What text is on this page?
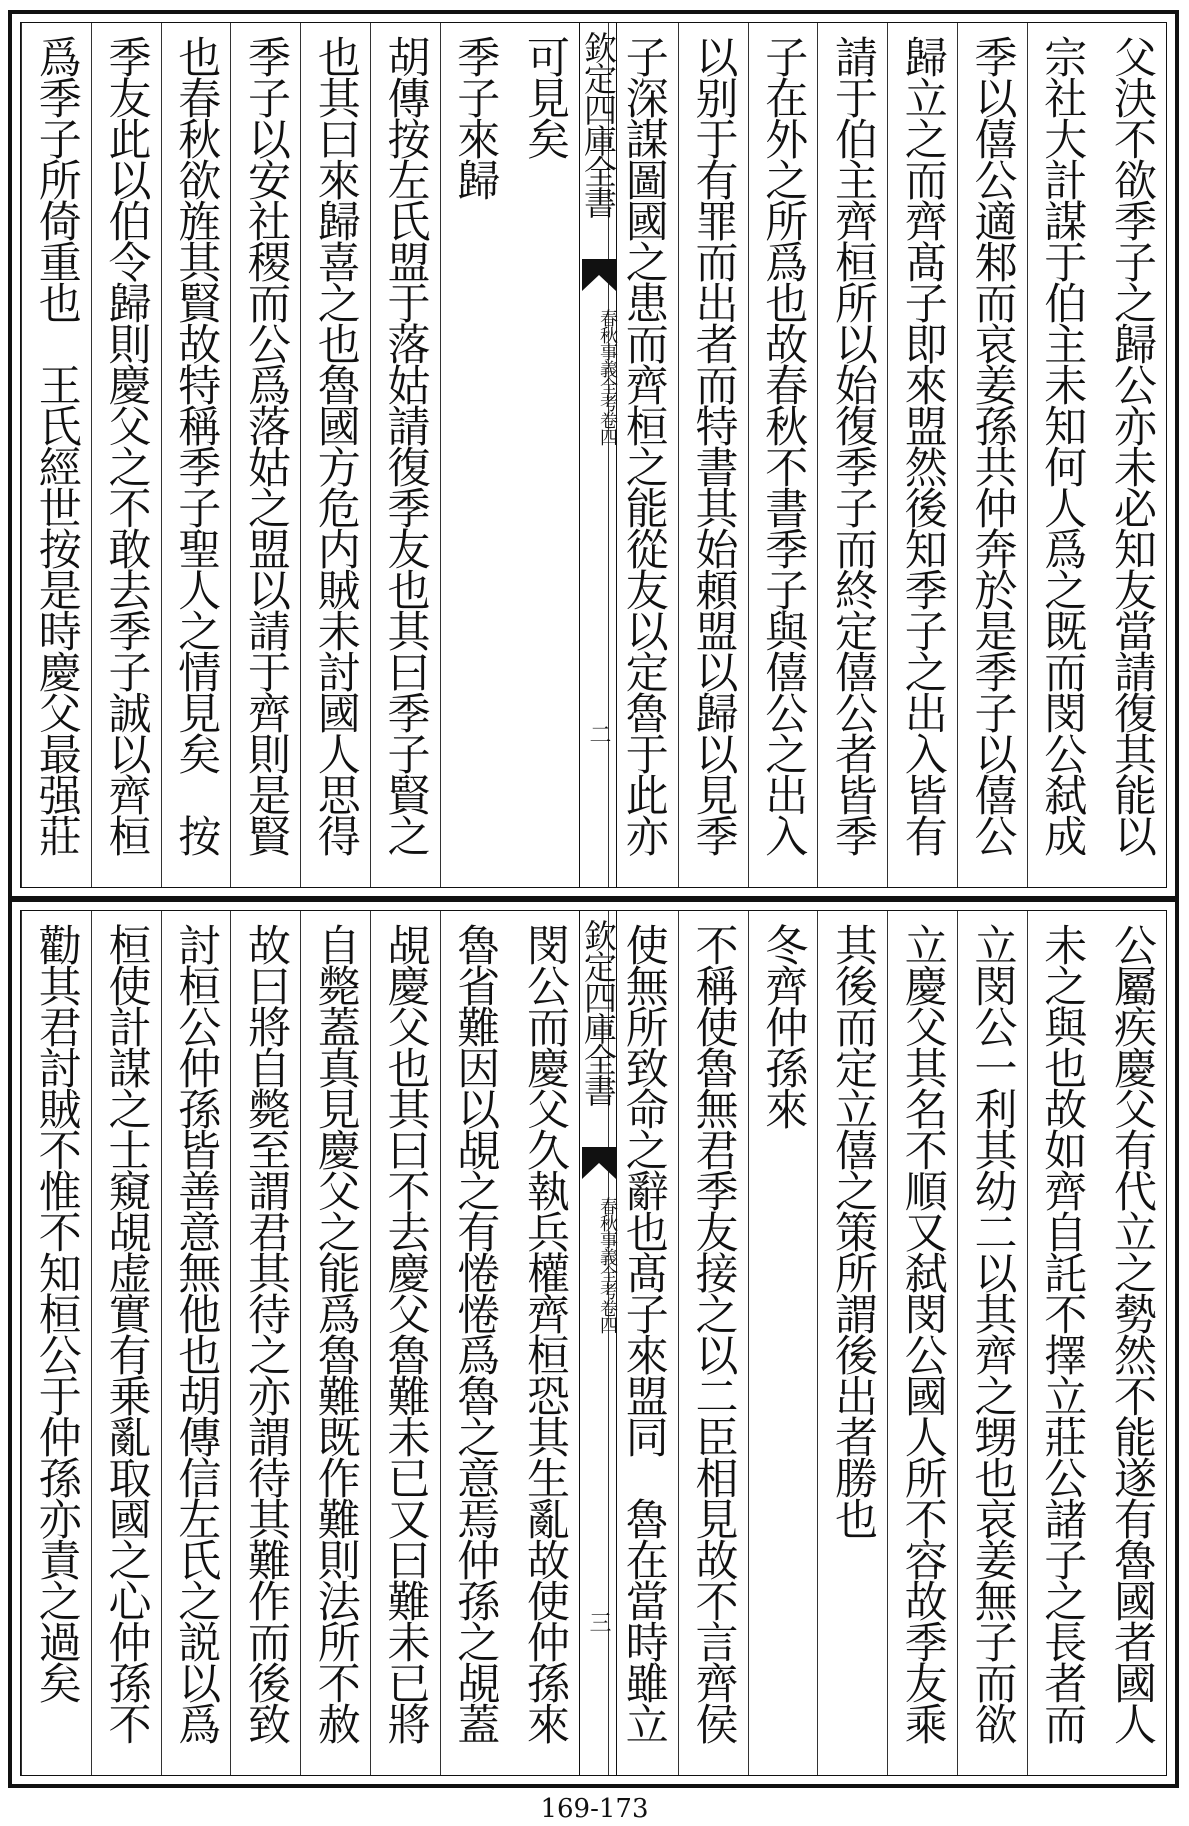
父決不欲季子之歸公亦未必知友當請復其能以
宗社大計謀于伯主未知何人爲之既而閔公弑成
季以僖公適邾而哀姜孫共仲奔於是季子以僖公
歸立之而齊髙子即來盟然後知季子之出入皆有
請于伯主齊桓所以始復季子而終定僖公者皆季
子在外之所爲也故春秋不書季子與僖公之出入
以别于有罪而出者而特書其始頼盟以歸以見季
子深謀圖國之患而齊桓之能從友以定魯于此亦
欽定四庫全書
春秋事義全考卷四
二
可見矣
季子來歸
胡傳按左氏盟于落姑請復季友也其曰季子賢之
也其曰來歸喜之也魯國方危内賊未討國人思得
季子以安社稷而公爲落姑之盟以請于齊則是賢
也春秋欲旌其賢故特稱季子聖人之情見矣　按
季友此以伯令歸則慶父之不敢去季子誠以齊桓
爲季子所倚重也　王氏經世按是時慶父最强莊
公屬疾慶父有代立之勢然不能遂有魯國者國人
未之與也故如齊自託不擇立莊公諸子之長者而
立閔公一利其幼二以其齊之甥也哀姜無子而欲
立慶父其名不順又弑閔公國人所不容故季友乘
其後而定立僖之策所謂後出者勝也
冬齊仲孫來
不稱使魯無君季友接之以二臣相見故不言齊侯
使無所致命之辭也髙子來盟同　魯在當時雖立
欽定四庫全書
春秋事義全考卷四
三
閔公而慶父久執兵權齊桓恐其生亂故使仲孫來
魯省難因以覘之有惓惓爲魯之意焉仲孫之覘蓋
覘慶父也其曰不去慶父魯難未已又曰難未已將
自斃蓋真見慶父之能爲魯難既作難則法所不赦
故曰將自斃至謂君其待之亦謂待其難作而後致
討桓公仲孫皆善意無他也胡傳信左氏之説以爲
桓使計謀之士窺覘虚實有乗亂取國之心仲孫不
勸其君討賊不惟不知桓公于仲孫亦責之過矣
169-173
